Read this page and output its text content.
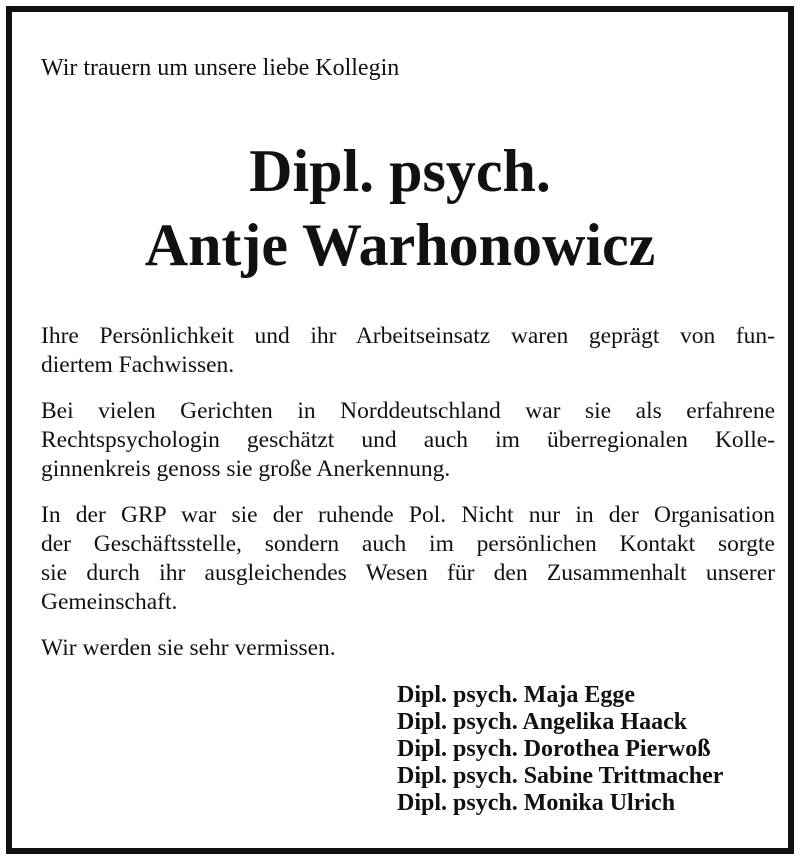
Wir trauern um unsere liebe Kollegin
Dipl. psych.
Antje Warhonowicz

Ihre Persönlichkeit und ihr Arbeitseinsatz waren geprägt von fun-
diertem Fachwissen.

Bei vielen Gerichten in Norddeutschland war sie als erfahrene
Rechtspsychologin geschätzt und auch im überregionalen Kolle-
ginnenkreis genoss sie große Anerkennung.

In der GRP war sie der ruhende Pol. Nicht nur in der Organisation
der Geschäftsstelle, sondern auch im persönlichen Kontakt sorgte
sie durch ihr ausgleichendes Wesen für den Zusammenhalt unserer
Gemeinschaft.

Wir werden sie sehr vermissen.

Dipl. psych. Maja Egge
Dipl. psych. Angelika Haack
Dipl. psych. Dorothea Pierwoß
Dipl. psych. Sabine Trittmacher
Dipl. psych. Monika Ulrich
